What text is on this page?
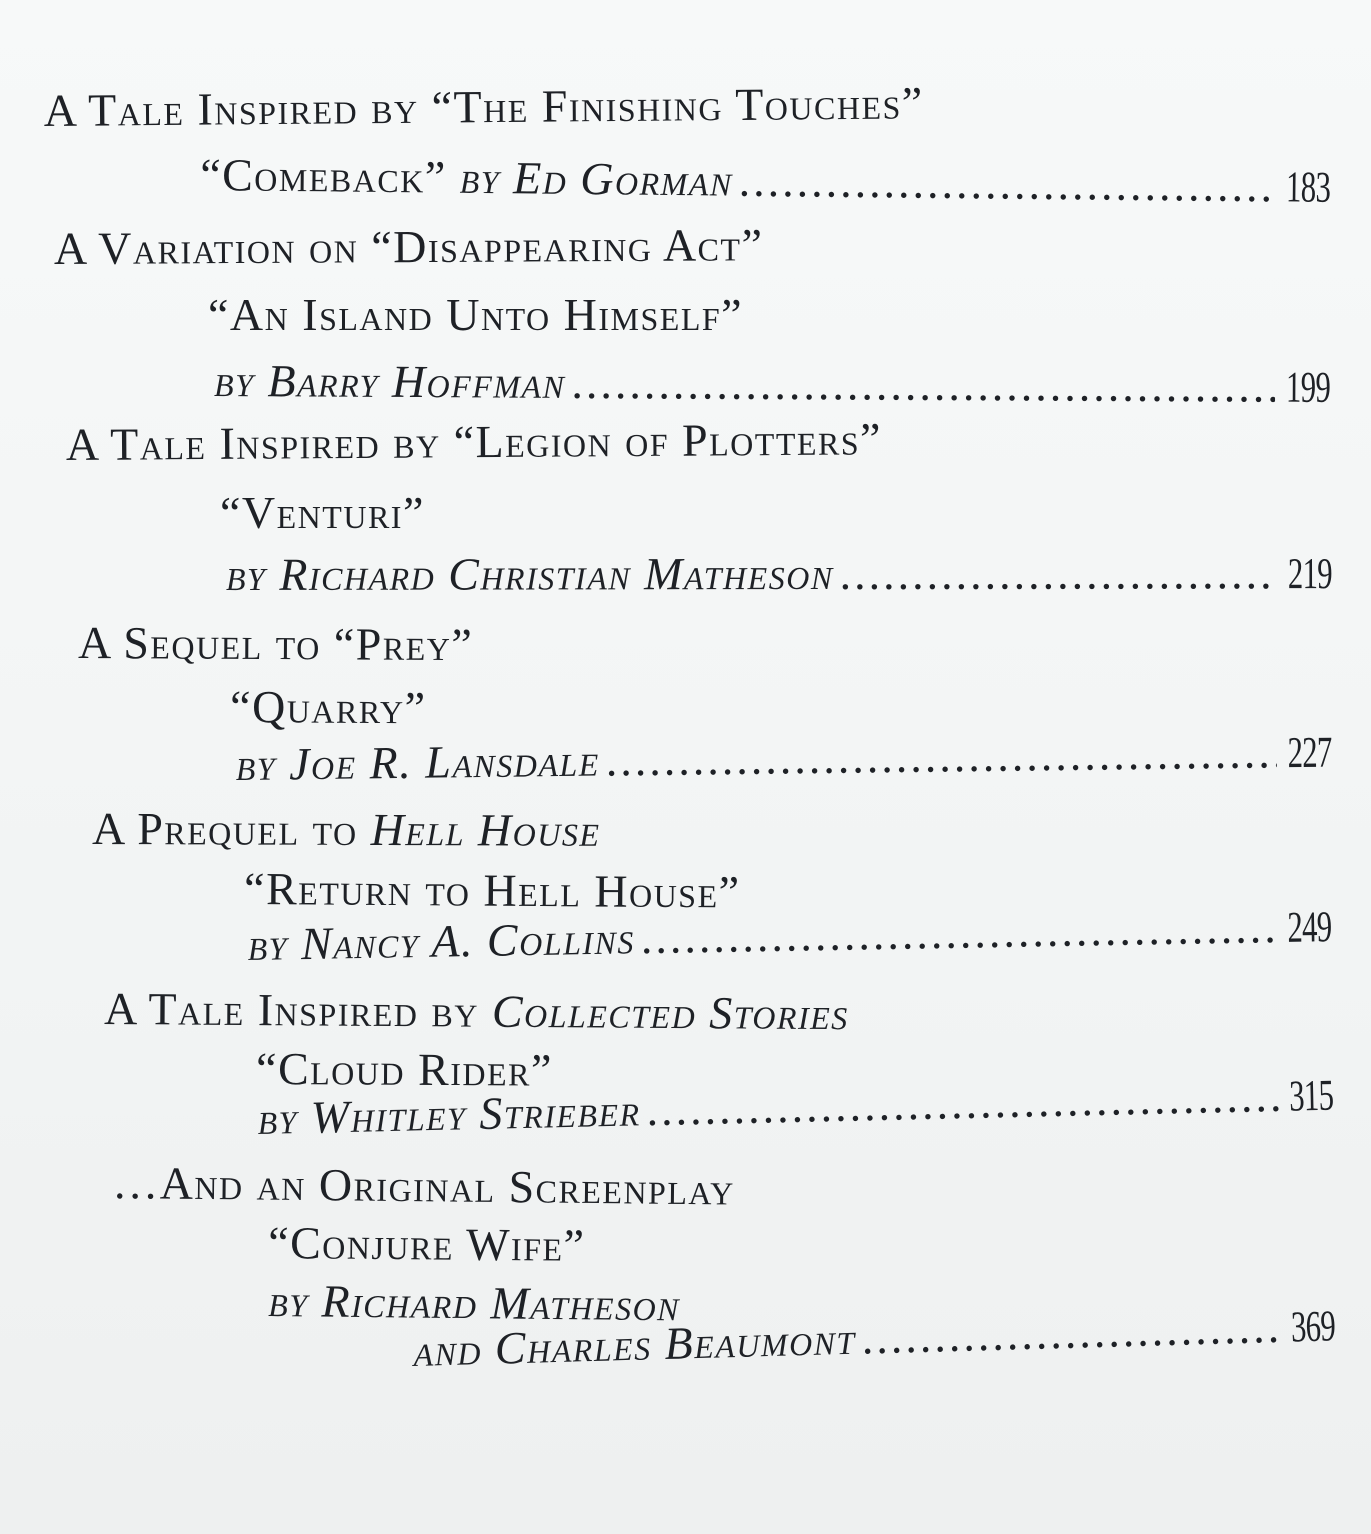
A Tale Inspired by “The Finishing Touches”
“Comeback” by Ed Gorman .....	183
A Variation on “Disappearing Act”
“An Island Unto Himself”
by Barry Hoffman .....	199
A Tale Inspired by “Legion of Plotters”
“Venturi”
by Richard Christian Matheson .....	219
A Sequel to “Prey”
“Quarry”
by Joe R. Lansdale .....	227
A Prequel to Hell House
“Return to Hell House”
by Nancy A. Collins .....	249
A Tale Inspired by Collected Stories
“Cloud Rider”
by Whitley Strieber .....	315
…And an Original Screenplay
“Conjure Wife”
by Richard Matheson
and Charles Beaumont .....	369
